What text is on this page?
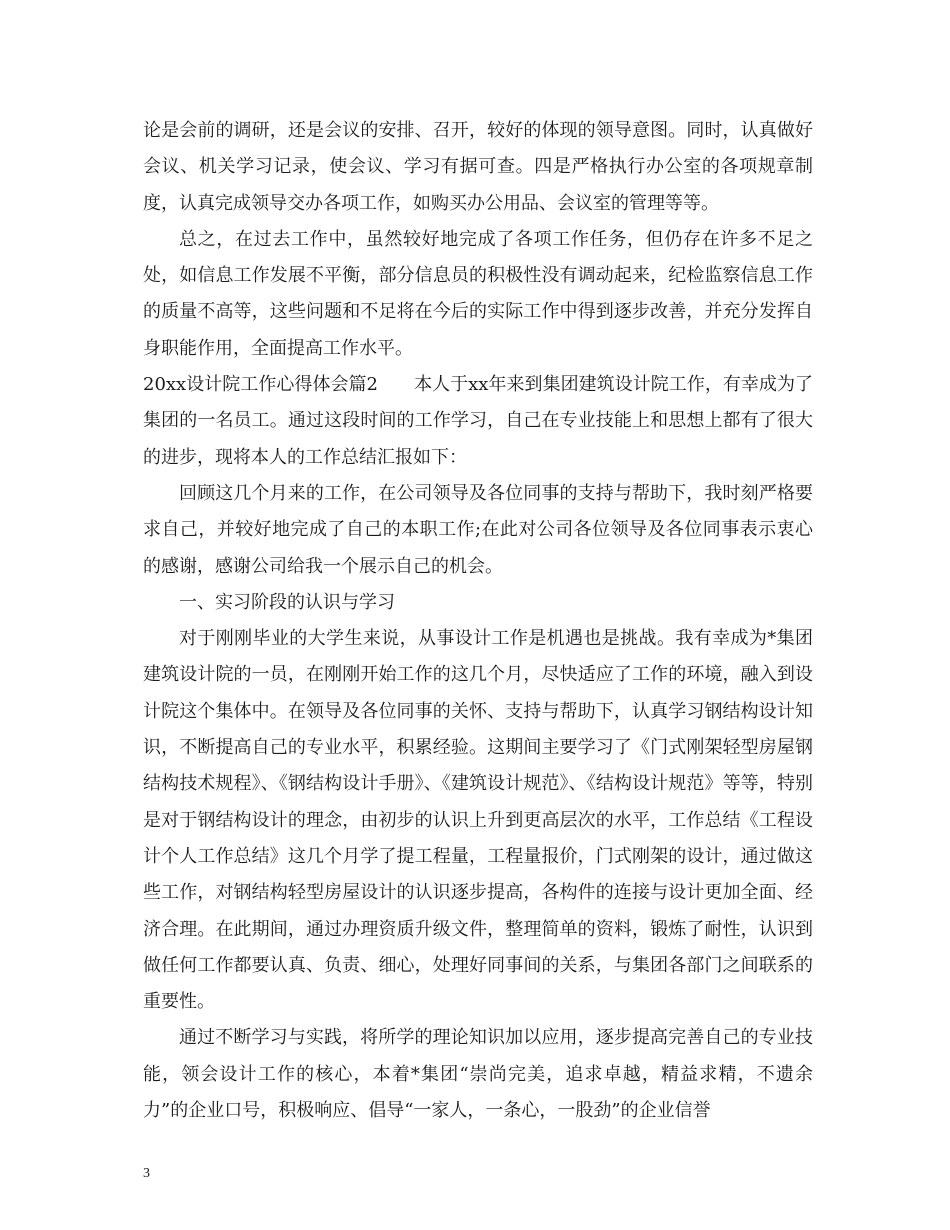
论是会前的调研，还是会议的安排、召开，较好的体现的领导意图。同时，认真做好会议、机关学习记录，使会议、学习有据可查。四是严格执行办公室的各项规章制度，认真完成领导交办各项工作，如购买办公用品、会议室的管理等等。

总之，在过去工作中，虽然较好地完成了各项工作任务，但仍存在许多不足之处，如信息工作发展不平衡，部分信息员的积极性没有调动起来，纪检监察信息工作的质量不高等，这些问题和不足将在今后的实际工作中得到逐步改善，并充分发挥自身职能作用，全面提高工作水平。

20xx设计院工作心得体会篇2　　本人于xx年来到集团建筑设计院工作，有幸成为了集团的一名员工。通过这段时间的工作学习，自己在专业技能上和思想上都有了很大的进步，现将本人的工作总结汇报如下：

回顾这几个月来的工作，在公司领导及各位同事的支持与帮助下，我时刻严格要求自己，并较好地完成了自己的本职工作;在此对公司各位领导及各位同事表示衷心的感谢，感谢公司给我一个展示自己的机会。

一、实习阶段的认识与学习

对于刚刚毕业的大学生来说，从事设计工作是机遇也是挑战。我有幸成为*集团建筑设计院的一员，在刚刚开始工作的这几个月，尽快适应了工作的环境，融入到设计院这个集体中。在领导及各位同事的关怀、支持与帮助下，认真学习钢结构设计知识，不断提高自己的专业水平，积累经验。这期间主要学习了《门式刚架轻型房屋钢结构技术规程》、《钢结构设计手册》、《建筑设计规范》、《结构设计规范》等等，特别是对于钢结构设计的理念，由初步的认识上升到更高层次的水平，工作总结《工程设计个人工作总结》这几个月学了提工程量，工程量报价，门式刚架的设计，通过做这些工作，对钢结构轻型房屋设计的认识逐步提高，各构件的连接与设计更加全面、经济合理。在此期间，通过办理资质升级文件，整理简单的资料，锻炼了耐性，认识到做任何工作都要认真、负责、细心，处理好同事间的关系，与集团各部门之间联系的重要性。

通过不断学习与实践，将所学的理论知识加以应用，逐步提高完善自己的专业技能，领会设计工作的核心，本着*集团“崇尚完美，追求卓越，精益求精，不遗余力”的企业口号，积极响应、倡导“一家人，一条心，一股劲”的企业信誉

3
